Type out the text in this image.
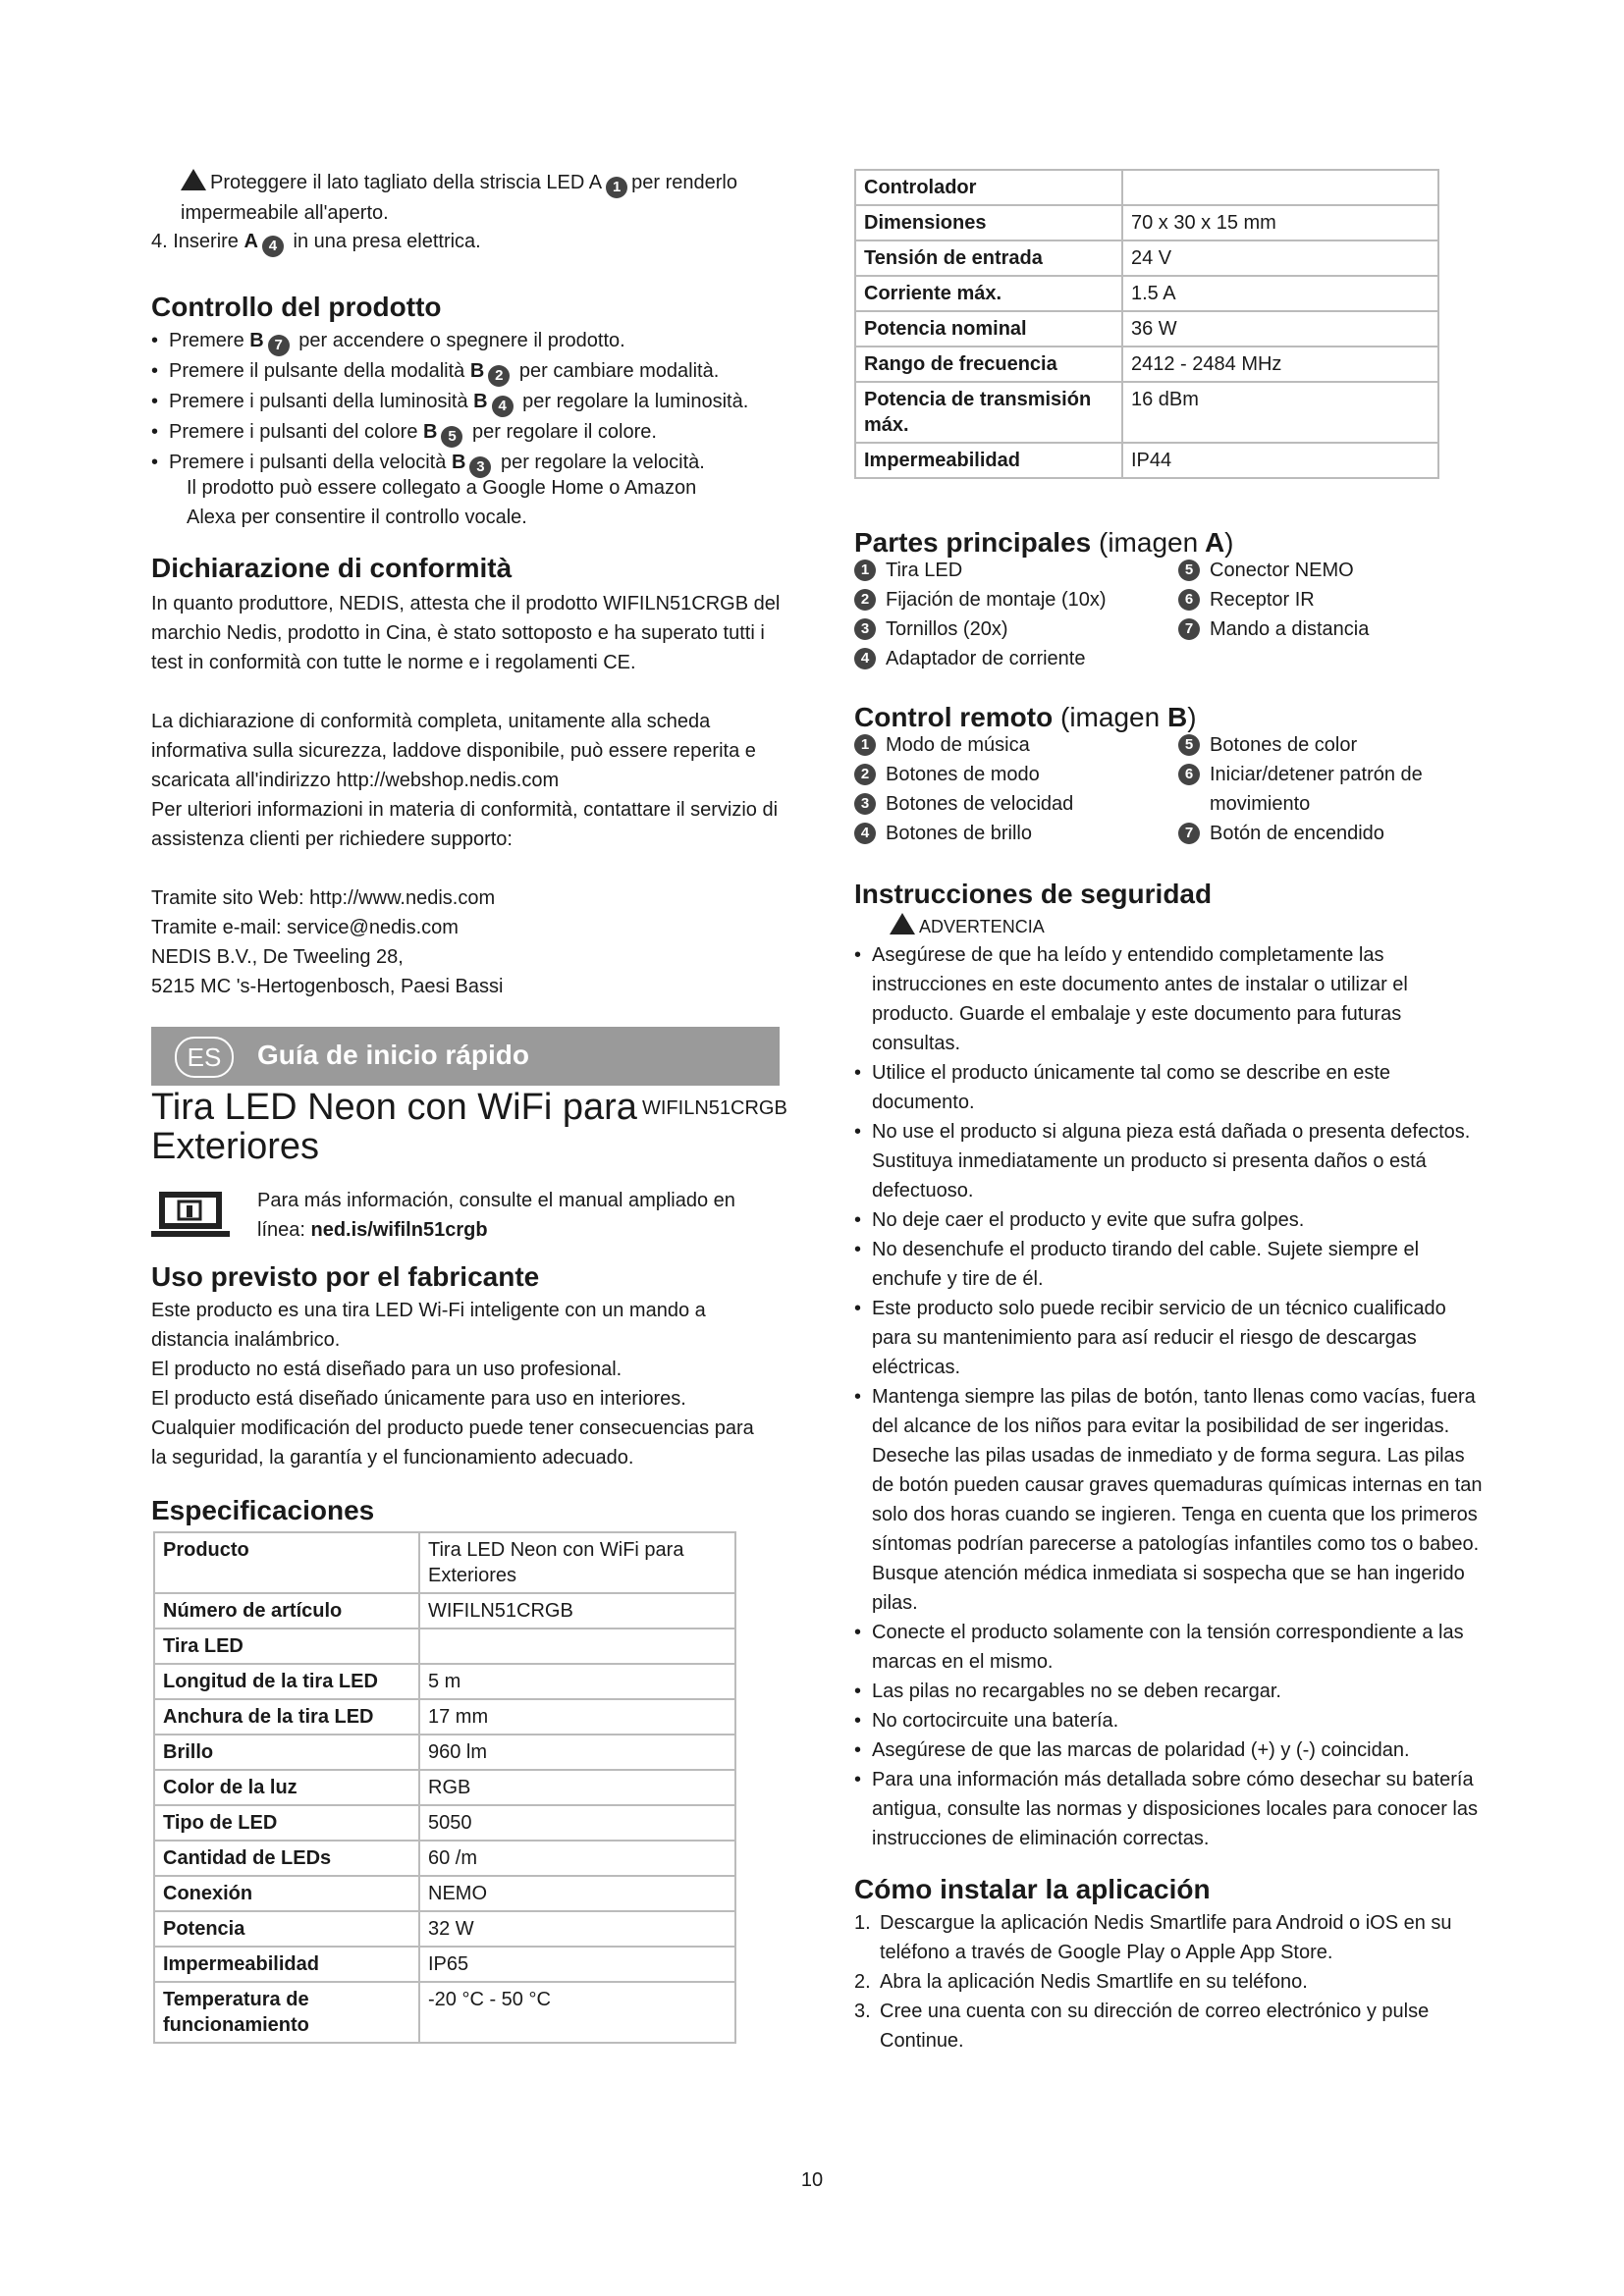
Proteggere il lato tagliato della striscia LED A 1 per renderlo
impermeabile all'aperto.
4. Inserire A 4 in una presa elettrica.
Controllo del prodotto
• Premere B 7 per accendere o spegnere il prodotto.
• Premere il pulsante della modalità B 2 per cambiare modalità.
• Premere i pulsanti della luminosità B 4 per regolare la luminosità.
• Premere i pulsanti del colore B 5 per regolare il colore.
• Premere i pulsanti della velocità B 3 per regolare la velocità.
Il prodotto può essere collegato a Google Home o Amazon Alexa per consentire il controllo vocale.
Dichiarazione di conformità
In quanto produttore, NEDIS, attesta che il prodotto WIFILN51CRGB del marchio Nedis, prodotto in Cina, è stato sottoposto e ha superato tutti i test in conformità con tutte le norme e i regolamenti CE.
La dichiarazione di conformità completa, unitamente alla scheda informativa sulla sicurezza, laddove disponibile, può essere reperita e scaricata all'indirizzo http://webshop.nedis.com
Per ulteriori informazioni in materia di conformità, contattare il servizio di assistenza clienti per richiedere supporto:
Tramite sito Web: http://www.nedis.com
Tramite e-mail: service@nedis.com
NEDIS B.V., De Tweeling 28,
5215 MC 's-Hertogenbosch, Paesi Bassi
ES	Guía de inicio rápido
Tira LED Neon con WiFi para
Exteriores
WIFILN51CRGB
Para más información, consulte el manual ampliado en línea: ned.is/wifiln51crgb
Uso previsto por el fabricante
Este producto es una tira LED Wi-Fi inteligente con un mando a distancia inalámbrico.
El producto no está diseñado para un uso profesional.
El producto está diseñado únicamente para uso en interiores.
Cualquier modificación del producto puede tener consecuencias para la seguridad, la garantía y el funcionamiento adecuado.
Especificaciones
Producto	Tira LED Neon con WiFi para Exteriores
Número de artículo	WIFILN51CRGB
Tira LED	
Longitud de la tira LED	5 m
Anchura de la tira LED	17 mm
Brillo	960 lm
Color de la luz	RGB
Tipo de LED	5050
Cantidad de LEDs	60 /m
Conexión	NEMO
Potencia	32 W
Impermeabilidad	IP65
Temperatura de funcionamiento	-20 °C - 50 °C
Controlador	
Dimensiones	70 x 30 x 15 mm
Tensión de entrada	24 V
Corriente máx.	1.5 A
Potencia nominal	36 W
Rango de frecuencia	2412 - 2484 MHz
Potencia de transmisión máx.	16 dBm
Impermeabilidad	IP44
Partes principales (imagen A)
1 Tira LED
2 Fijación de montaje (10x)
3 Tornillos (20x)
4 Adaptador de corriente
5 Conector NEMO
6 Receptor IR
7 Mando a distancia
Control remoto (imagen B)
1 Modo de música
2 Botones de modo
3 Botones de velocidad
4 Botones de brillo
5 Botones de color
6 Iniciar/detener patrón de movimiento
7 Botón de encendido
Instrucciones de seguridad
ADVERTENCIA
• Asegúrese de que ha leído y entendido completamente las instrucciones en este documento antes de instalar o utilizar el producto. Guarde el embalaje y este documento para futuras consultas.
• Utilice el producto únicamente tal como se describe en este documento.
• No use el producto si alguna pieza está dañada o presenta defectos. Sustituya inmediatamente un producto si presenta daños o está defectuoso.
• No deje caer el producto y evite que sufra golpes.
• No desenchufe el producto tirando del cable. Sujete siempre el enchufe y tire de él.
• Este producto solo puede recibir servicio de un técnico cualificado para su mantenimiento para así reducir el riesgo de descargas eléctricas.
• Mantenga siempre las pilas de botón, tanto llenas como vacías, fuera del alcance de los niños para evitar la posibilidad de ser ingeridas. Deseche las pilas usadas de inmediato y de forma segura. Las pilas de botón pueden causar graves quemaduras químicas internas en tan solo dos horas cuando se ingieren. Tenga en cuenta que los primeros síntomas podrían parecerse a patologías infantiles como tos o babeo. Busque atención médica inmediata si sospecha que se han ingerido pilas.
• Conecte el producto solamente con la tensión correspondiente a las marcas en el mismo.
• Las pilas no recargables no se deben recargar.
• No cortocircuite una batería.
• Asegúrese de que las marcas de polaridad (+) y (-) coincidan.
• Para una información más detallada sobre cómo desechar su batería antigua, consulte las normas y disposiciones locales para conocer las instrucciones de eliminación correctas.
Cómo instalar la aplicación
1. Descargue la aplicación Nedis Smartlife para Android o iOS en su teléfono a través de Google Play o Apple App Store.
2. Abra la aplicación Nedis Smartlife en su teléfono.
3. Cree una cuenta con su dirección de correo electrónico y pulse Continue.
10
